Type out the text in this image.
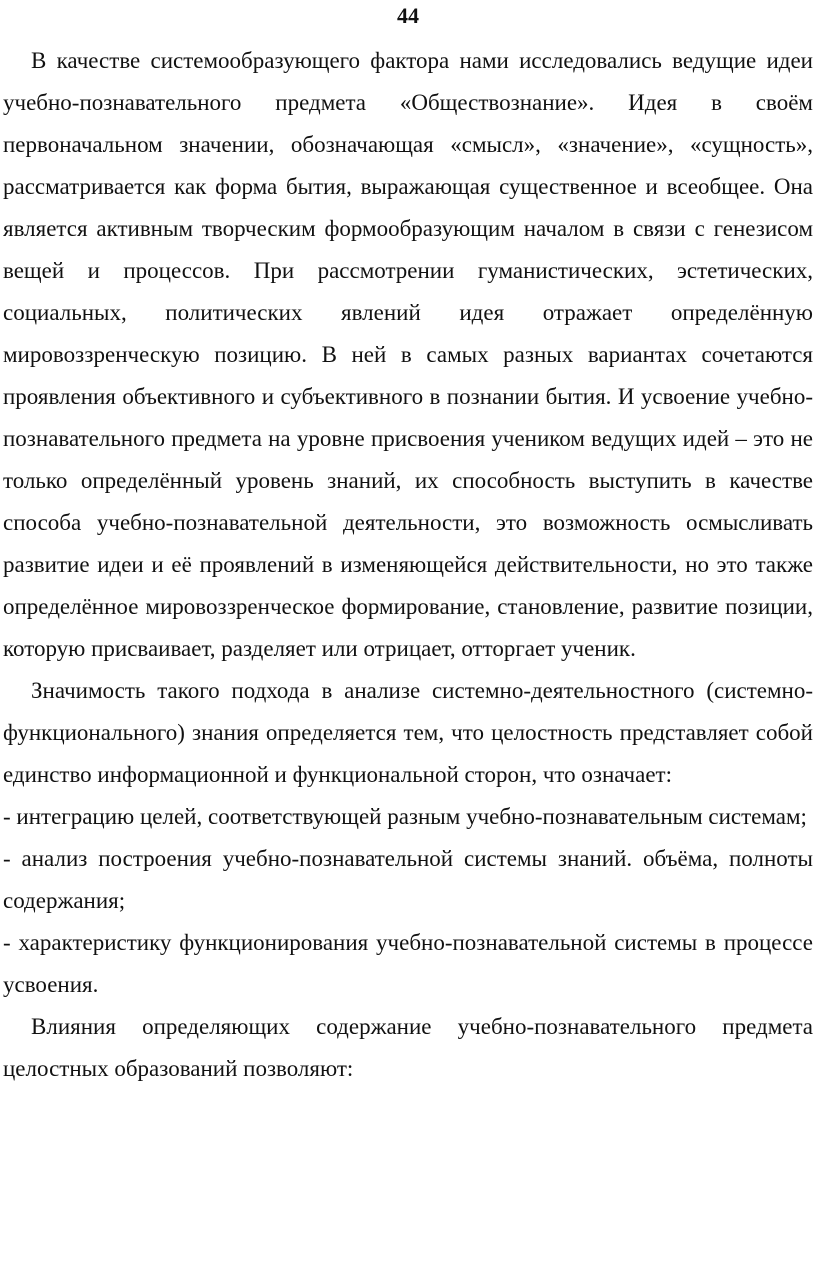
44

В качестве системообразующего фактора нами исследовались ведущие идеи учебно-познавательного предмета «Обществознание». Идея в своём первоначальном значении, обозначающая «смысл», «значение», «сущность», рассматривается как форма бытия, выражающая существенное и всеобщее. Она является активным творческим формообразующим началом в связи с генезисом вещей и процессов. При рассмотрении гуманистических, эстетических, социальных, политических явлений идея отражает определённую мировоззренческую позицию. В ней в самых разных вариантах сочетаются проявления объективного и субъективного в познании бытия. И усвоение учебно-познавательного предмета на уровне присвоения учеником ведущих идей – это не только определённый уровень знаний, их способность выступить в качестве способа учебно-познавательной деятельности, это возможность осмысливать развитие идеи и её проявлений в изменяющейся действительности, но это также определённое мировоззренческое формирование, становление, развитие позиции, которую присваивает, разделяет или отрицает, отторгает ученик.

Значимость такого подхода в анализе системно-деятельностного (системно-функционального) знания определяется тем, что целостность представляет собой единство информационной и функциональной сторон, что означает:

- интеграцию целей, соответствующей разным учебно-познавательным системам;

- анализ построения учебно-познавательной системы знаний. объёма, полноты содержания;

- характеристику функционирования учебно-познавательной системы в процессе усвоения.

Влияния определяющих содержание учебно-познавательного предмета целостных образований позволяют:
